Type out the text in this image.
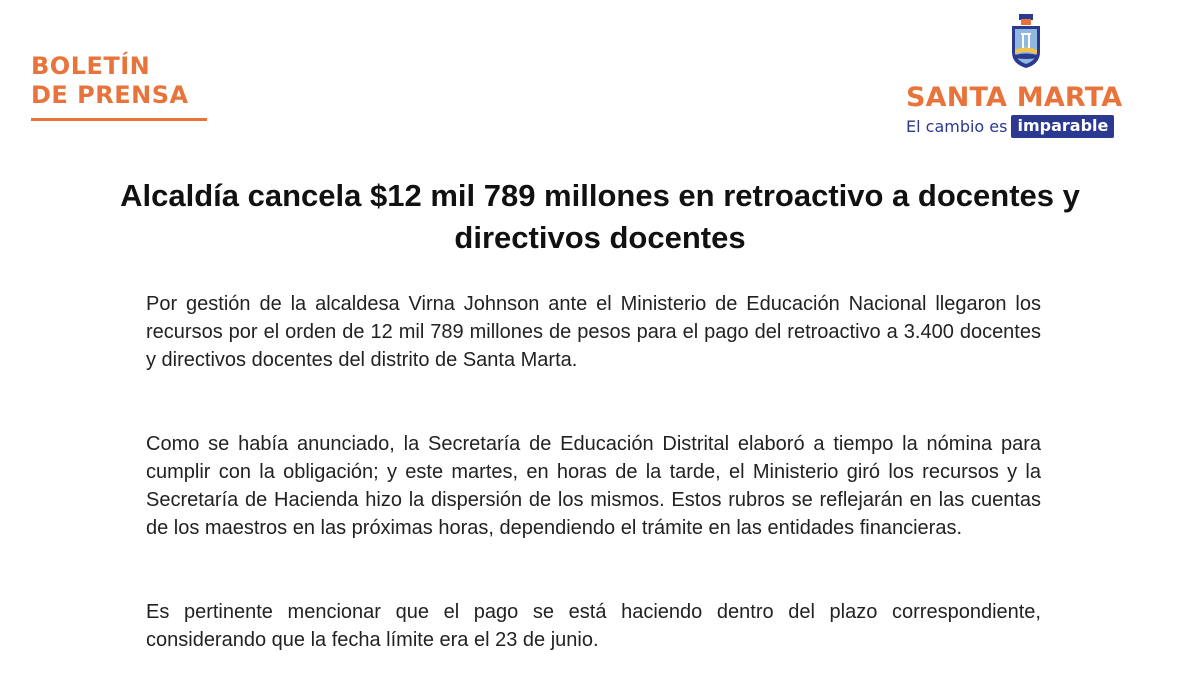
BOLETÍN
DE PRENSA	SANTA MARTA
El cambio es imparable
Alcaldía cancela $12 mil 789 millones en retroactivo a docentes y directivos docentes

Por gestión de la alcaldesa Virna Johnson ante el Ministerio de Educación Nacional llegaron los recursos por el orden de 12 mil 789 millones de pesos para el pago del retroactivo a 3.400 docentes y directivos docentes del distrito de Santa Marta.

Como se había anunciado, la Secretaría de Educación Distrital elaboró a tiempo la nómina para cumplir con la obligación; y este martes, en horas de la tarde, el Ministerio giró los recursos y la Secretaría de Hacienda hizo la dispersión de los mismos. Estos rubros se reflejarán en las cuentas de los maestros en las próximas horas, dependiendo el trámite en las entidades financieras.

Es pertinente mencionar que el pago se está haciendo dentro del plazo correspondiente, considerando que la fecha límite era el 23 de junio.
